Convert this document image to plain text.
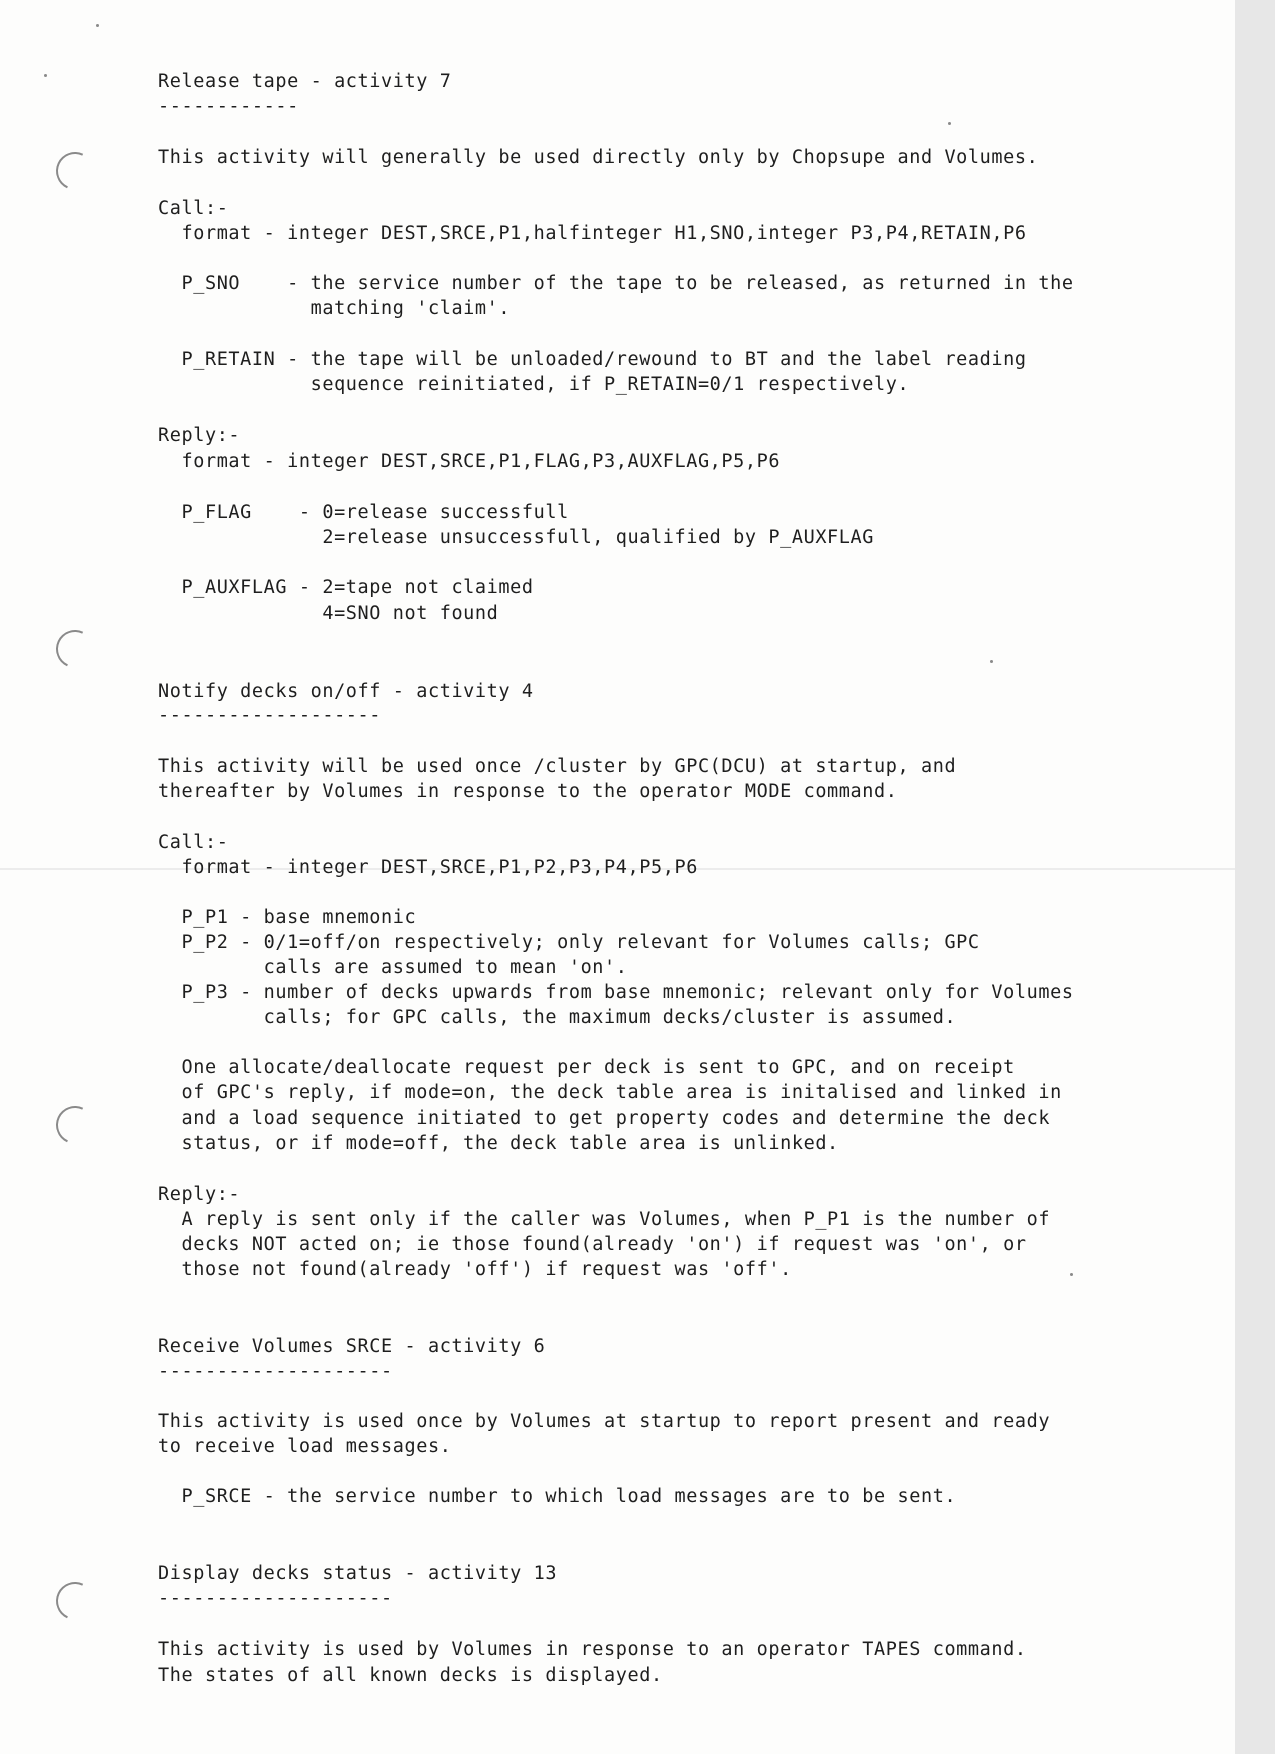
Release tape - activity 7

------------

This activity will generally be used directly only by Chopsupe and Volumes.

Call:-

format - integer DEST,SRCE,P1,halfinteger H1,SNO,integer P3,P4,RETAIN,P6

P_SNO    - the service number of the tape to be released, as returned in the

matching 'claim'.

P_RETAIN - the tape will be unloaded/rewound to BT and the label reading

sequence reinitiated, if P_RETAIN=0/1 respectively.

Reply:-

format - integer DEST,SRCE,P1,FLAG,P3,AUXFLAG,P5,P6

P_FLAG    - 0=release successfull

2=release unsuccessfull, qualified by P_AUXFLAG

P_AUXFLAG - 2=tape not claimed

4=SNO not found

Notify decks on/off - activity 4

-------------------

This activity will be used once /cluster by GPC(DCU) at startup, and

thereafter by Volumes in response to the operator MODE command.

Call:-

format - integer DEST,SRCE,P1,P2,P3,P4,P5,P6

P_P1 - base mnemonic

P_P2 - 0/1=off/on respectively; only relevant for Volumes calls; GPC

calls are assumed to mean 'on'.

P_P3 - number of decks upwards from base mnemonic; relevant only for Volumes

calls; for GPC calls, the maximum decks/cluster is assumed.

One allocate/deallocate request per deck is sent to GPC, and on receipt

of GPC's reply, if mode=on, the deck table area is initalised and linked in

and a load sequence initiated to get property codes and determine the deck

status, or if mode=off, the deck table area is unlinked.

Reply:-

A reply is sent only if the caller was Volumes, when P_P1 is the number of

decks NOT acted on; ie those found(already 'on') if request was 'on', or

those not found(already 'off') if request was 'off'.

Receive Volumes SRCE - activity 6

--------------------

This activity is used once by Volumes at startup to report present and ready

to receive load messages.

P_SRCE - the service number to which load messages are to be sent.

Display decks status - activity 13

--------------------

This activity is used by Volumes in response to an operator TAPES command.

The states of all known decks is displayed.
